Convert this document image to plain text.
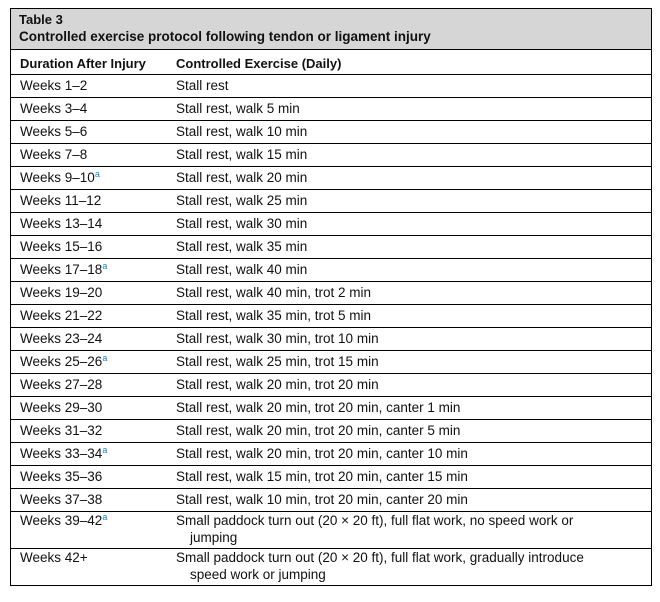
Table 3
Controlled exercise protocol following tendon or ligament injury
Duration After Injury	Controlled Exercise (Daily)
Weeks 1–2	Stall rest
Weeks 3–4	Stall rest, walk 5 min
Weeks 5–6	Stall rest, walk 10 min
Weeks 7–8	Stall rest, walk 15 min
Weeks 9–10$^a$	Stall rest, walk 20 min
Weeks 11–12	Stall rest, walk 25 min
Weeks 13–14	Stall rest, walk 30 min
Weeks 15–16	Stall rest, walk 35 min
Weeks 17–18$^a$	Stall rest, walk 40 min
Weeks 19–20	Stall rest, walk 40 min, trot 2 min
Weeks 21–22	Stall rest, walk 35 min, trot 5 min
Weeks 23–24	Stall rest, walk 30 min, trot 10 min
Weeks 25–26$^a$	Stall rest, walk 25 min, trot 15 min
Weeks 27–28	Stall rest, walk 20 min, trot 20 min
Weeks 29–30	Stall rest, walk 20 min, trot 20 min, canter 1 min
Weeks 31–32	Stall rest, walk 20 min, trot 20 min, canter 5 min
Weeks 33–34$^a$	Stall rest, walk 20 min, trot 20 min, canter 10 min
Weeks 35–36	Stall rest, walk 15 min, trot 20 min, canter 15 min
Weeks 37–38	Stall rest, walk 10 min, trot 20 min, canter 20 min
Weeks 39–42$^a$	Small paddock turn out (20 × 20 ft), full flat work, no speed work or
jumping

Weeks 42+	Small paddock turn out (20 × 20 ft), full flat work, gradually introduce
speed work or jumping
